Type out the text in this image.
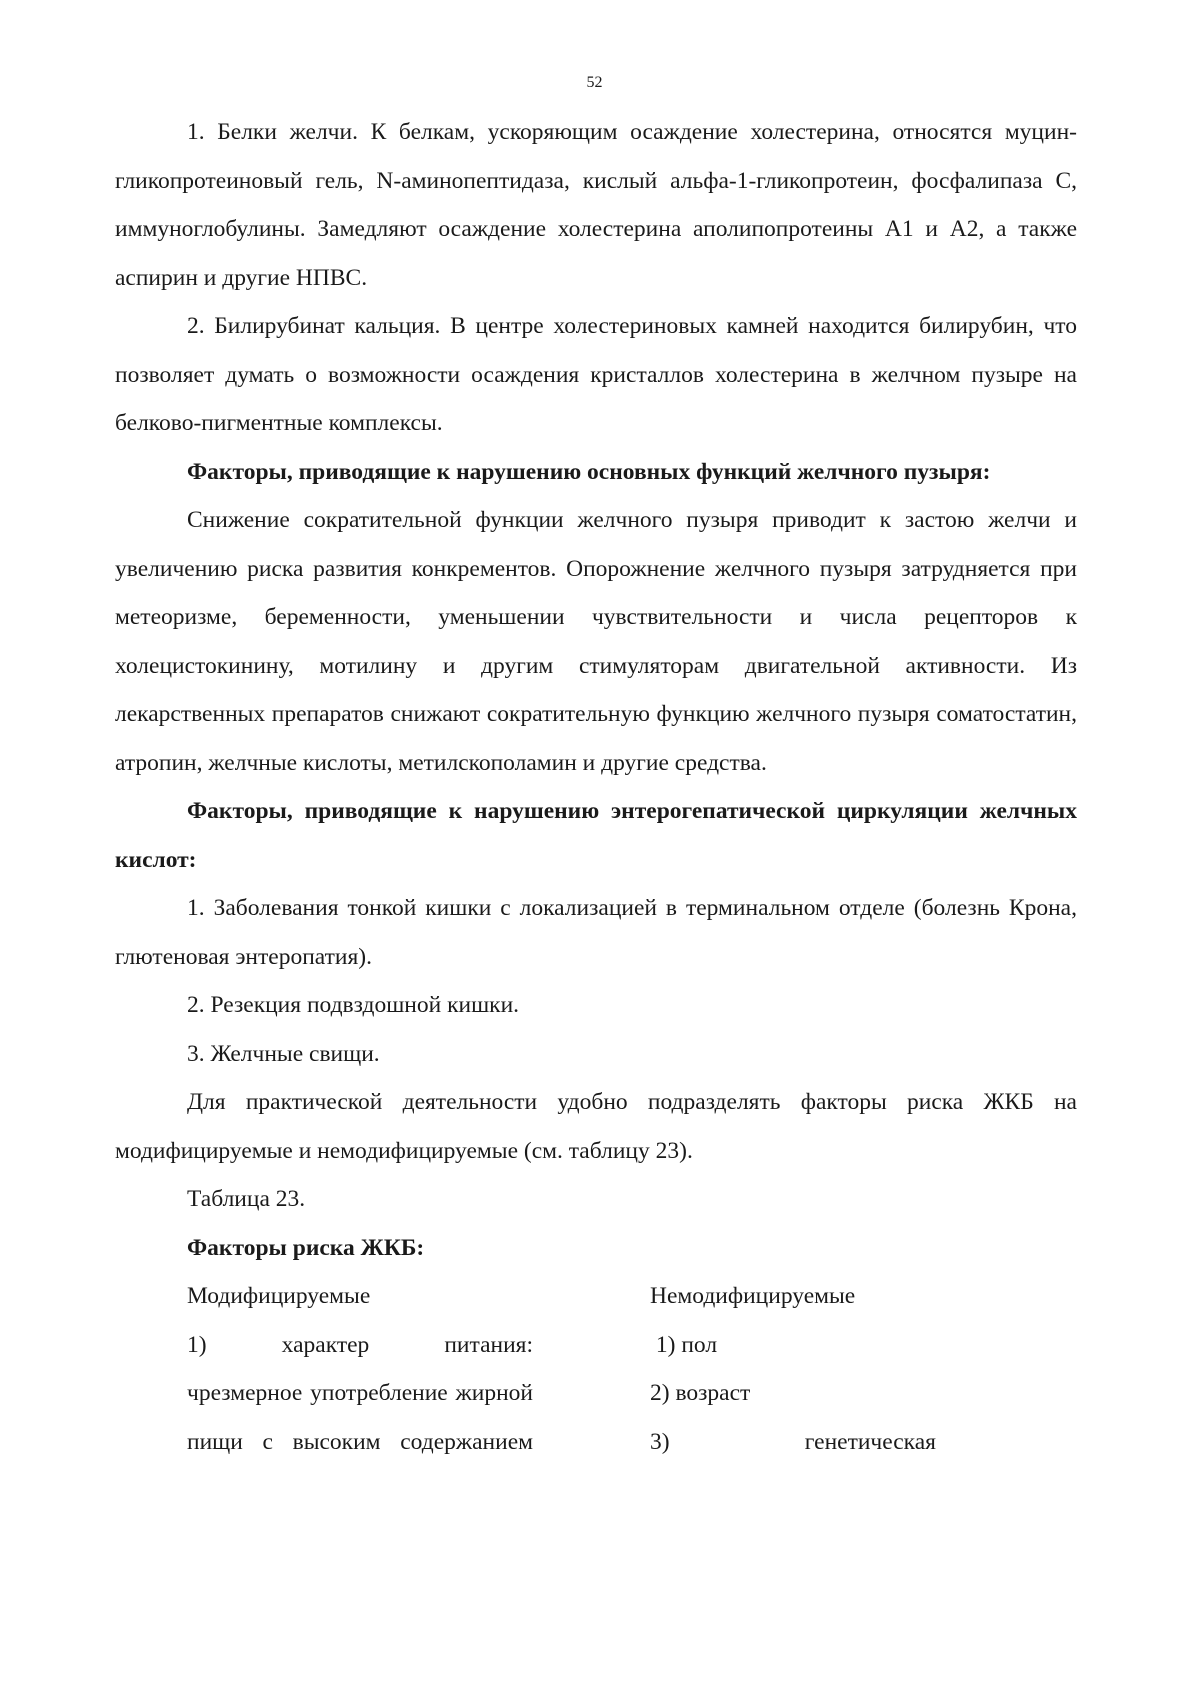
52

1. Белки желчи. К белкам, ускоряющим осаждение холестерина, относятся муцин-гликопротеиновый гель, N-аминопептидаза, кислый альфа-1-гликопротеин, фосфалипаза С, иммуноглобулины. Замедляют осаждение холестерина аполипопротеины А1 и А2, а также аспирин и другие НПВС.

2. Билирубинат кальция. В центре холестериновых камней находится билирубин, что позволяет думать о возможности осаждения кристаллов холестерина в желчном пузыре на белково-пигментные комплексы.

Факторы, приводящие к нарушению основных функций желчного пузыря:

Снижение сократительной функции желчного пузыря приводит к застою желчи и увеличению риска развития конкрементов. Опорожнение желчного пузыря затрудняется при метеоризме, беременности, уменьшении чувствительности и числа рецепторов к холецистокинину, мотилину и другим стимуляторам двигательной активности. Из лекарственных препаратов снижают сократительную функцию желчного пузыря соматостатин, атропин, желчные кислоты, метилскополамин и другие средства.

Факторы, приводящие к нарушению энтерогепатической циркуляции желчных кислот:

1. Заболевания тонкой кишки с локализацией в терминальном отделе (болезнь Крона, глютеновая энтеропатия).

2. Резекция подвздошной кишки.

3. Желчные свищи.

Для практической деятельности удобно подразделять факторы риска ЖКБ на модифицируемые и немодифицируемые (см. таблицу 23).

Таблица 23.

Факторы риска ЖКБ:

Модифицируемые

1) характер питания:

чрезмерное употребление жирной

пищи с высоким содержанием

Немодифицируемые

1) пол

2) возраст

3) генетическая
